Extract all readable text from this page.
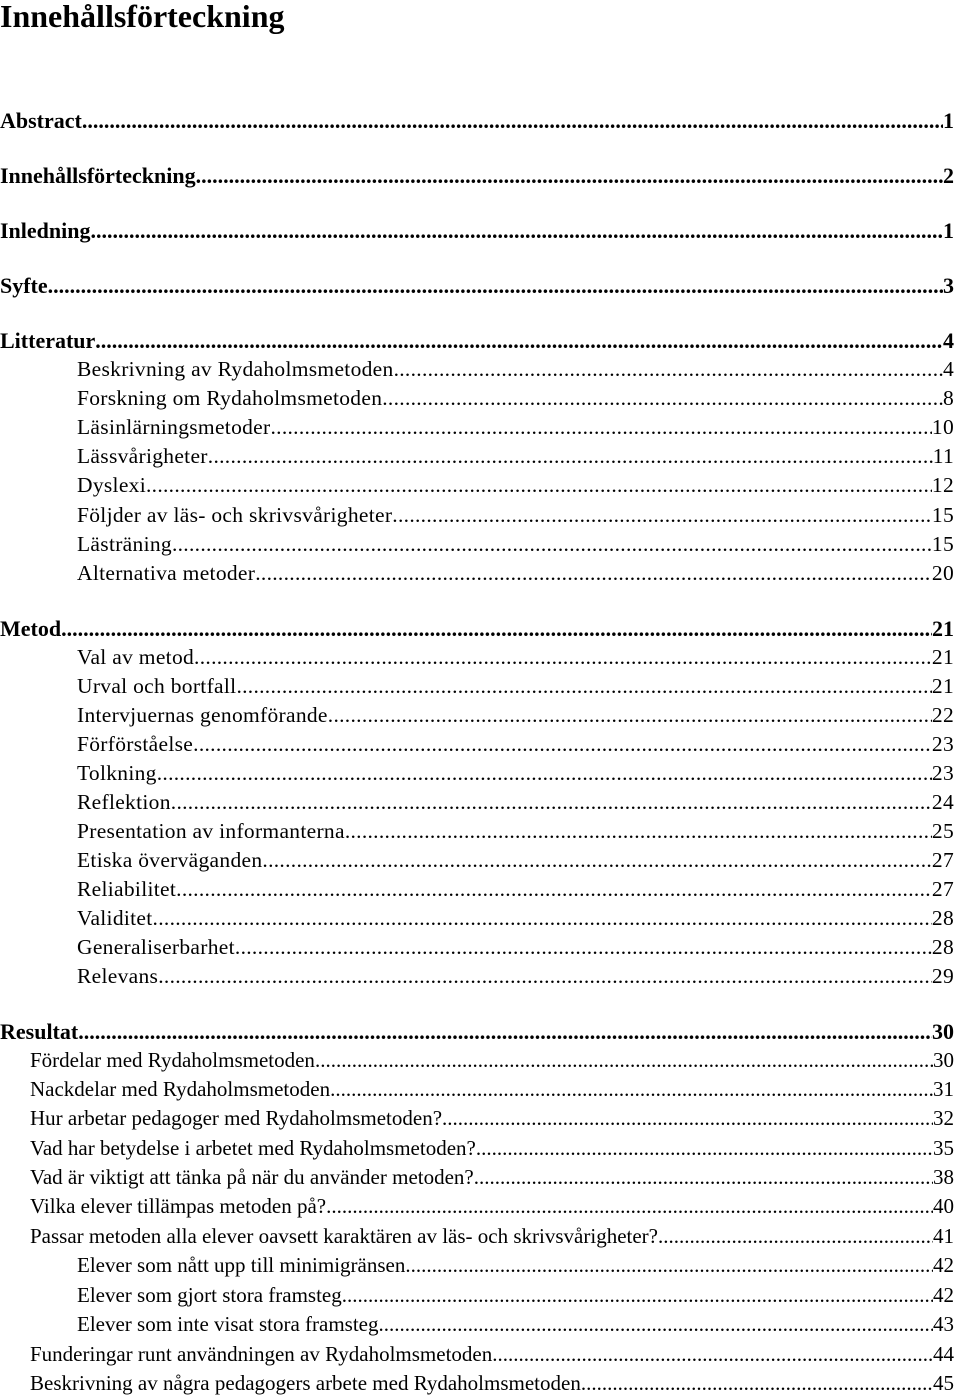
Innehållsförteckning
Abstract .....	1
Innehållsförteckning .....	2
Inledning .....	1
Syfte .....	3
Litteratur .....	4
Beskrivning av Rydaholmsmetoden .....	4
Forskning om Rydaholmsmetoden .....	8
Läsinlärningsmetoder .....	10
Lässvårigheter .....	11
Dyslexi .....	12
Följder av läs- och skrivsvårigheter .....	15
Lästräning .....	15
Alternativa metoder .....	20
Metod .....	21
Val av metod .....	21
Urval och bortfall .....	21
Intervjuernas genomförande .....	22
Förförståelse .....	23
Tolkning .....	23
Reflektion .....	24
Presentation av informanterna .....	25
Etiska överväganden .....	27
Reliabilitet .....	27
Validitet .....	28
Generaliserbarhet .....	28
Relevans .....	29
Resultat .....	30
Fördelar med Rydaholmsmetoden .....	30
Nackdelar med Rydaholmsmetoden .....	31
Hur arbetar pedagoger med Rydaholmsmetoden? .....	32
Vad har betydelse i arbetet med Rydaholmsmetoden? .....	35
Vad är viktigt att tänka på när du använder metoden? .....	38
Vilka elever tillämpas metoden på? .....	40
Passar metoden alla elever oavsett karaktären av läs- och skrivsvårigheter? .....	41
Elever som nått upp till minimigränsen .....	42
Elever som gjort stora framsteg .....	42
Elever som inte visat stora framsteg .....	43
Funderingar runt användningen av Rydaholmsmetoden .....	44
Beskrivning av några pedagogers arbete med Rydaholmsmetoden .....	45
